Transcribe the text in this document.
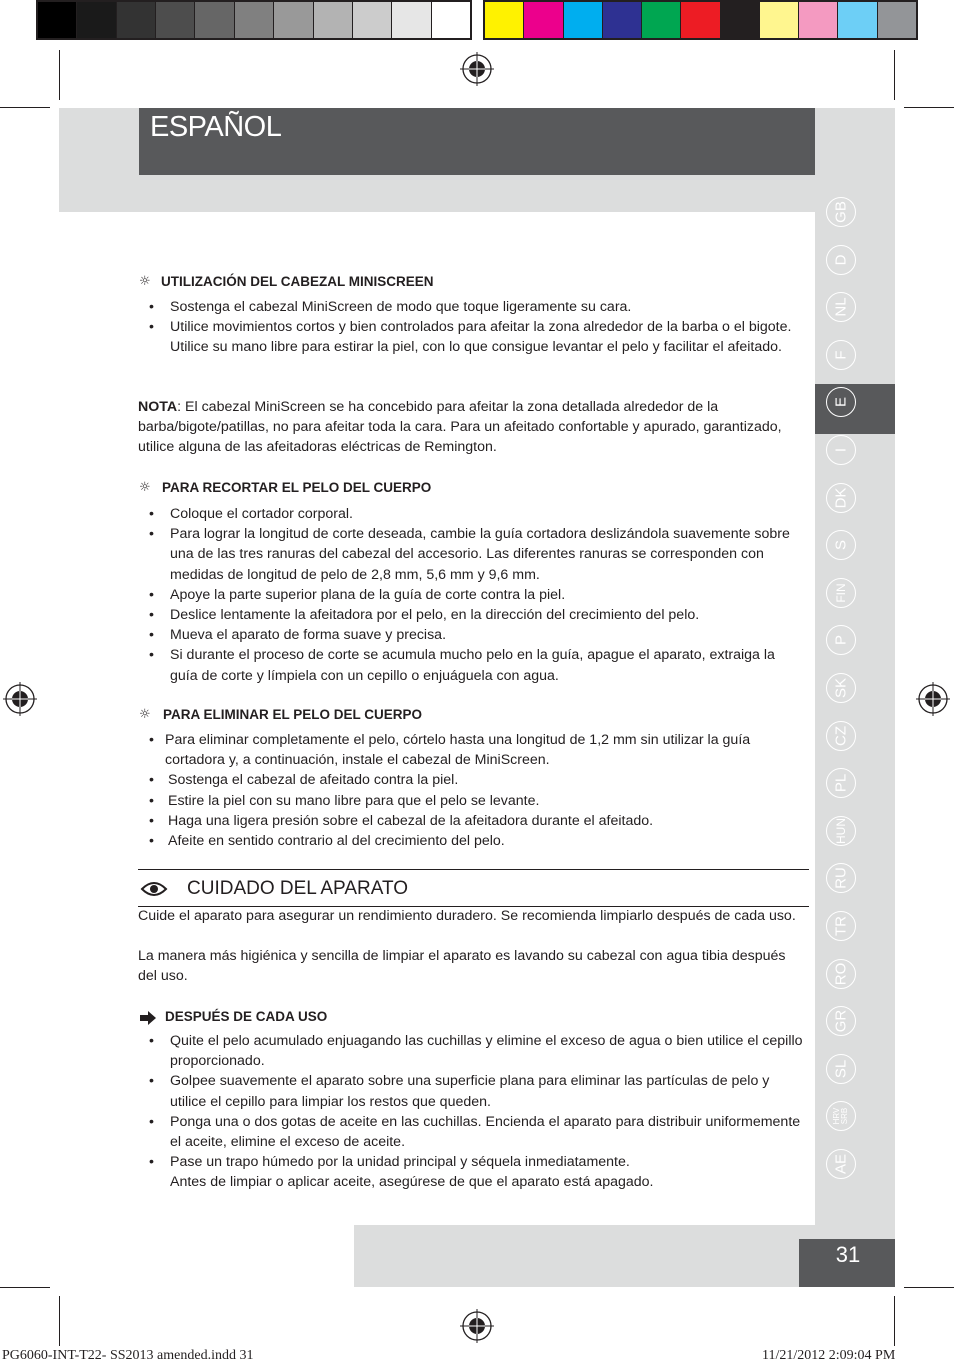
ESPAÑOL
GB
D
NL
F
E
I
DK
S
FIN
P
SK
CZ
PL
HUN
RU
TR
RO
GR
SL
HRV
SRB
AE
☼ UTILIZACIÓN DEL CABEZAL MINISCREEN
• Sostenga el cabezal MiniScreen de modo que toque ligeramente su cara.
• Utilice movimientos cortos y bien controlados para afeitar la zona alrededor de la barba o el bigote. Utilice su mano libre para estirar la piel, con lo que consigue levantar el pelo y facilitar el afeitado.
NOTA: El cabezal MiniScreen se ha concebido para afeitar la zona detallada alrededor de la barba/bigote/patillas, no para afeitar toda la cara. Para un afeitado confortable y apurado, garantizado, utilice alguna de las afeitadoras eléctricas de Remington.
☼ PARA RECORTAR EL PELO DEL CUERPO
• Coloque el cortador corporal.
• Para lograr la longitud de corte deseada, cambie la guía cortadora deslizándola suavemente sobre una de las tres ranuras del cabezal del accesorio. Las diferentes ranuras se corresponden con medidas de longitud de pelo de 2,8 mm, 5,6 mm y 9,6 mm.
• Apoye la parte superior plana de la guía de corte contra la piel.
• Deslice lentamente la afeitadora por el pelo, en la dirección del crecimiento del pelo.
• Mueva el aparato de forma suave y precisa.
• Si durante el proceso de corte se acumula mucho pelo en la guía, apague el aparato, extraiga la guía de corte y límpiela con un cepillo o enjuáguela con agua.
☼ PARA ELIMINAR EL PELO DEL CUERPO
• Para eliminar completamente el pelo, córtelo hasta una longitud de 1,2 mm sin utilizar la guía cortadora y, a continuación, instale el cabezal de MiniScreen.
• Sostenga el cabezal de afeitado contra la piel.
• Estire la piel con su mano libre para que el pelo se levante.
• Haga una ligera presión sobre el cabezal de la afeitadora durante el afeitado.
• Afeite en sentido contrario al del crecimiento del pelo.
CUIDADO DEL APARATO
Cuide el aparato para asegurar un rendimiento duradero. Se recomienda limpiarlo después de cada uso.
La manera más higiénica y sencilla de limpiar el aparato es lavando su cabezal con agua tibia después del uso.
DESPUÉS DE CADA USO
• Quite el pelo acumulado enjuagando las cuchillas y elimine el exceso de agua o bien utilice el cepillo proporcionado.
• Golpee suavemente el aparato sobre una superficie plana para eliminar las partículas de pelo y utilice el cepillo para limpiar los restos que queden.
• Ponga una o dos gotas de aceite en las cuchillas. Encienda el aparato para distribuir uniformemente el aceite, elimine el exceso de aceite.
• Pase un trapo húmedo por la unidad principal y séquela inmediatamente.
Antes de limpiar o aplicar aceite, asegúrese de que el aparato está apagado.
31
PG6060-INT-T22- SS2013 amended.indd 31	11/21/2012 2:09:04 PM
